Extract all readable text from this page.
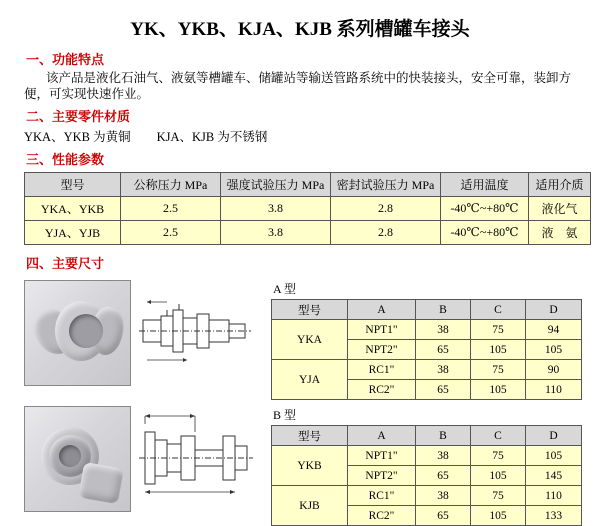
YK、YKB、KJA、KJB 系列槽罐车接头
一、功能特点
该产品是液化石油气、液氨等槽罐车、储罐站等输送管路系统中的快装接头，安全可靠，装卸方便，可实现快速作业。
二、主要零件材质
YKA、YKB 为黄铜 KJA、KJB 为不锈钢
三、性能参数
型号	公称压力 MPa	强度试验压力 MPa	密封试验压力 MPa	适用温度	适用介质
YKA、YKB	2.5	3.8	2.8	-40℃~+80℃	液化气
YJA、YJB	2.5	3.8	2.8	-40℃~+80℃	液　氨
四、主要尺寸
A 型
型号	A	B	C	D
YKA	NPT1"	38	75	94
	NPT2"	65	105	105
YJA	RC1"	38	75	90
	RC2"	65	105	110
B 型
型号	A	B	C	D
YKB	NPT1"	38	75	105
	NPT2"	65	105	145
KJB	RC1"	38	75	110
	RC2"	65	105	133
